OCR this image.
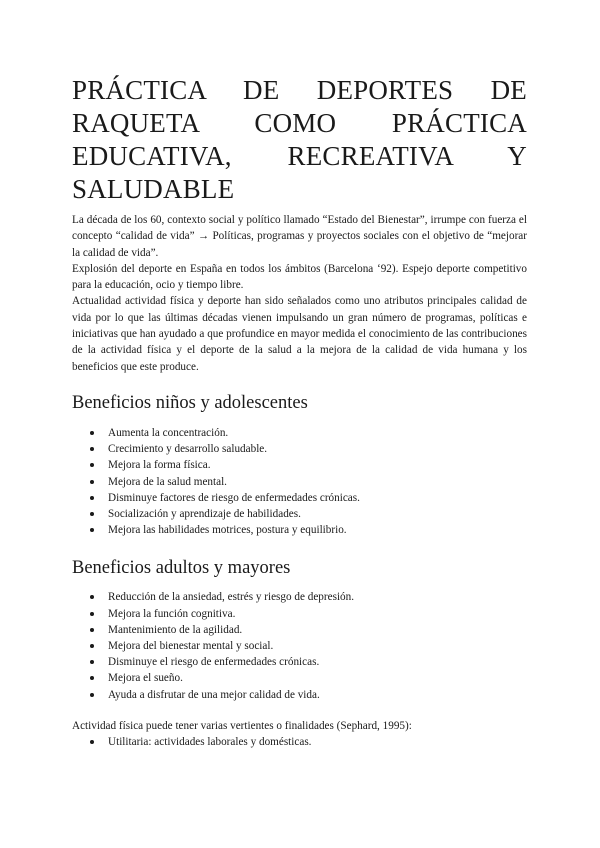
PRÁCTICA DE DEPORTES DE RAQUETA COMO PRÁCTICA EDUCATIVA, RECREATIVA Y SALUDABLE

La década de los 60, contexto social y político llamado “Estado del Bienestar”, irrumpe con fuerza el concepto “calidad de vida” → Políticas, programas y proyectos sociales con el objetivo de “mejorar la calidad de vida”.

Explosión del deporte en España en todos los ámbitos (Barcelona ‘92). Espejo deporte competitivo para la educación, ocio y tiempo libre.

Actualidad actividad física y deporte han sido señalados como uno atributos principales calidad de vida por lo que las últimas décadas vienen impulsando un gran número de programas, políticas e iniciativas que han ayudado a que profundice en mayor medida el conocimiento de las contribuciones de la actividad física y el deporte de la salud a la mejora de la calidad de vida humana y los beneficios que este produce.

Beneficios niños y adolescentes
Aumenta la concentración.
Crecimiento y desarrollo saludable.
Mejora la forma física.
Mejora de la salud mental.
Disminuye factores de riesgo de enfermedades crónicas.
Socialización y aprendizaje de habilidades.
Mejora las habilidades motrices, postura y equilibrio.
Beneficios adultos y mayores
Reducción de la ansiedad, estrés y riesgo de depresión.
Mejora la función cognitiva.
Mantenimiento de la agilidad.
Mejora del bienestar mental y social.
Disminuye el riesgo de enfermedades crónicas.
Mejora el sueño.
Ayuda a disfrutar de una mejor calidad de vida.

Actividad física puede tener varias vertientes o finalidades (Sephard, 1995):

Utilitaria: actividades laborales y domésticas.
